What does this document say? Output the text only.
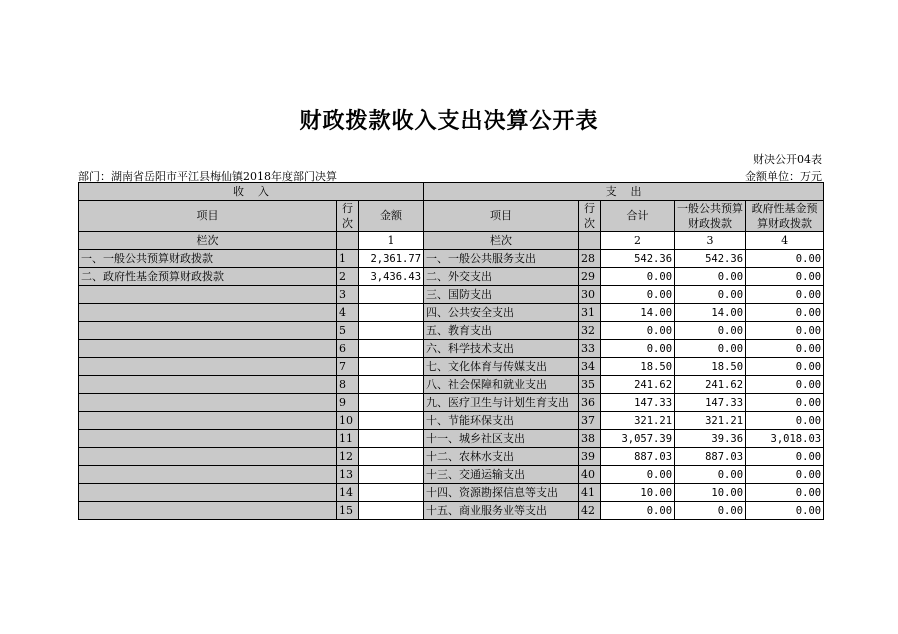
财政拨款收入支出决算公开表
财决公开04表
部门：湖南省岳阳市平江县梅仙镇2018年度部门决算	金额单位：万元
收    入			支    出				
项目	行次	金额	项目	行次	合计	一般公共预算财政拨款	政府性基金预算财政拨款
栏次		1	栏次		2	3	4
一、一般公共预算财政拨款	1	2,361.77	一、一般公共服务支出	28	542.36	542.36	0.00
二、政府性基金预算财政拨款	2	3,436.43	二、外交支出	29	0.00	0.00	0.00
	3		三、国防支出	30	0.00	0.00	0.00
	4		四、公共安全支出	31	14.00	14.00	0.00
	5		五、教育支出	32	0.00	0.00	0.00
	6		六、科学技术支出	33	0.00	0.00	0.00
	7		七、文化体育与传媒支出	34	18.50	18.50	0.00
	8		八、社会保障和就业支出	35	241.62	241.62	0.00
	9		九、医疗卫生与计划生育支出	36	147.33	147.33	0.00
	10		十、节能环保支出	37	321.21	321.21	0.00
	11		十一、城乡社区支出	38	3,057.39	39.36	3,018.03
	12		十二、农林水支出	39	887.03	887.03	0.00
	13		十三、交通运输支出	40	0.00	0.00	0.00
	14		十四、资源勘探信息等支出	41	10.00	10.00	0.00
	15		十五、商业服务业等支出	42	0.00	0.00	0.00
